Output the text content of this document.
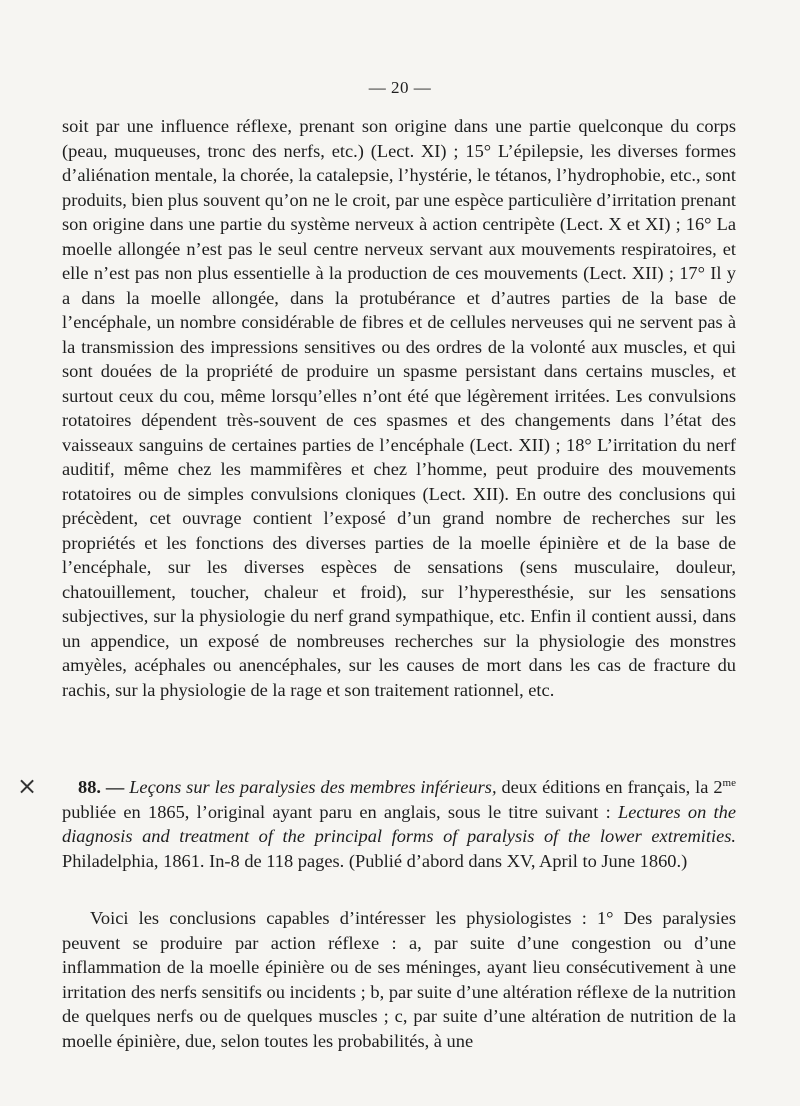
— 20 —

soit par une influence réflexe, prenant son origine dans une partie quelconque du corps (peau, muqueuses, tronc des nerfs, etc.) (Lect. XI) ; 15° L’épilepsie, les diverses formes d’aliénation mentale, la chorée, la catalepsie, l’hystérie, le tétanos, l’hydrophobie, etc., sont produits, bien plus souvent qu’on ne le croit, par une espèce particulière d’irritation prenant son origine dans une partie du système nerveux à action centripète (Lect. X et XI) ; 16° La moelle allongée n’est pas le seul centre nerveux servant aux mouvements respiratoires, et elle n’est pas non plus essentielle à la production de ces mouvements (Lect. XII) ; 17° Il y a dans la moelle allongée, dans la protubérance et d’autres parties de la base de l’encéphale, un nombre considérable de fibres et de cellules nerveuses qui ne servent pas à la transmission des impressions sensitives ou des ordres de la volonté aux muscles, et qui sont douées de la propriété de produire un spasme persistant dans certains muscles, et surtout ceux du cou, même lorsqu’elles n’ont été que légèrement irritées. Les convulsions rotatoires dépendent très-souvent de ces spasmes et des changements dans l’état des vaisseaux sanguins de certaines parties de l’encéphale (Lect. XII) ; 18° L’irritation du nerf auditif, même chez les mammifères et chez l’homme, peut produire des mouvements rotatoires ou de simples convulsions cloniques (Lect. XII). En outre des conclusions qui précèdent, cet ouvrage contient l’exposé d’un grand nombre de recherches sur les propriétés et les fonctions des diverses parties de la moelle épinière et de la base de l’encéphale, sur les diverses espèces de sensations (sens musculaire, douleur, chatouillement, toucher, chaleur et froid), sur l’hyperesthésie, sur les sensations subjectives, sur la physiologie du nerf grand sympathique, etc. Enfin il contient aussi, dans un appendice, un exposé de nombreuses recherches sur la physiologie des monstres amyèles, acéphales ou anencéphales, sur les causes de mort dans les cas de fracture du rachis, sur la physiologie de la rage et son traitement rationnel, etc.

×	88. — Leçons sur les paralysies des membres inférieurs, deux éditions en français, la $2^{me}$ publiée en 1865, l’original ayant paru en anglais, sous le titre suivant : Lectures on the diagnosis and treatment of the principal forms of paralysis of the lower extremities. Philadelphia, 1861. In-8 de 118 pages. (Publié d’abord dans XV, April to June 1860.)

Voici les conclusions capables d’intéresser les physiologistes : 1° Des paralysies peuvent se produire par action réflexe : a, par suite d’une congestion ou d’une inflammation de la moelle épinière ou de ses méninges, ayant lieu consécutivement à une irritation des nerfs sensitifs ou incidents ; b, par suite d’une altération réflexe de la nutrition de quelques nerfs ou de quelques muscles ; c, par suite d’une altération de nutrition de la moelle épinière, due, selon toutes les probabilités, à une
